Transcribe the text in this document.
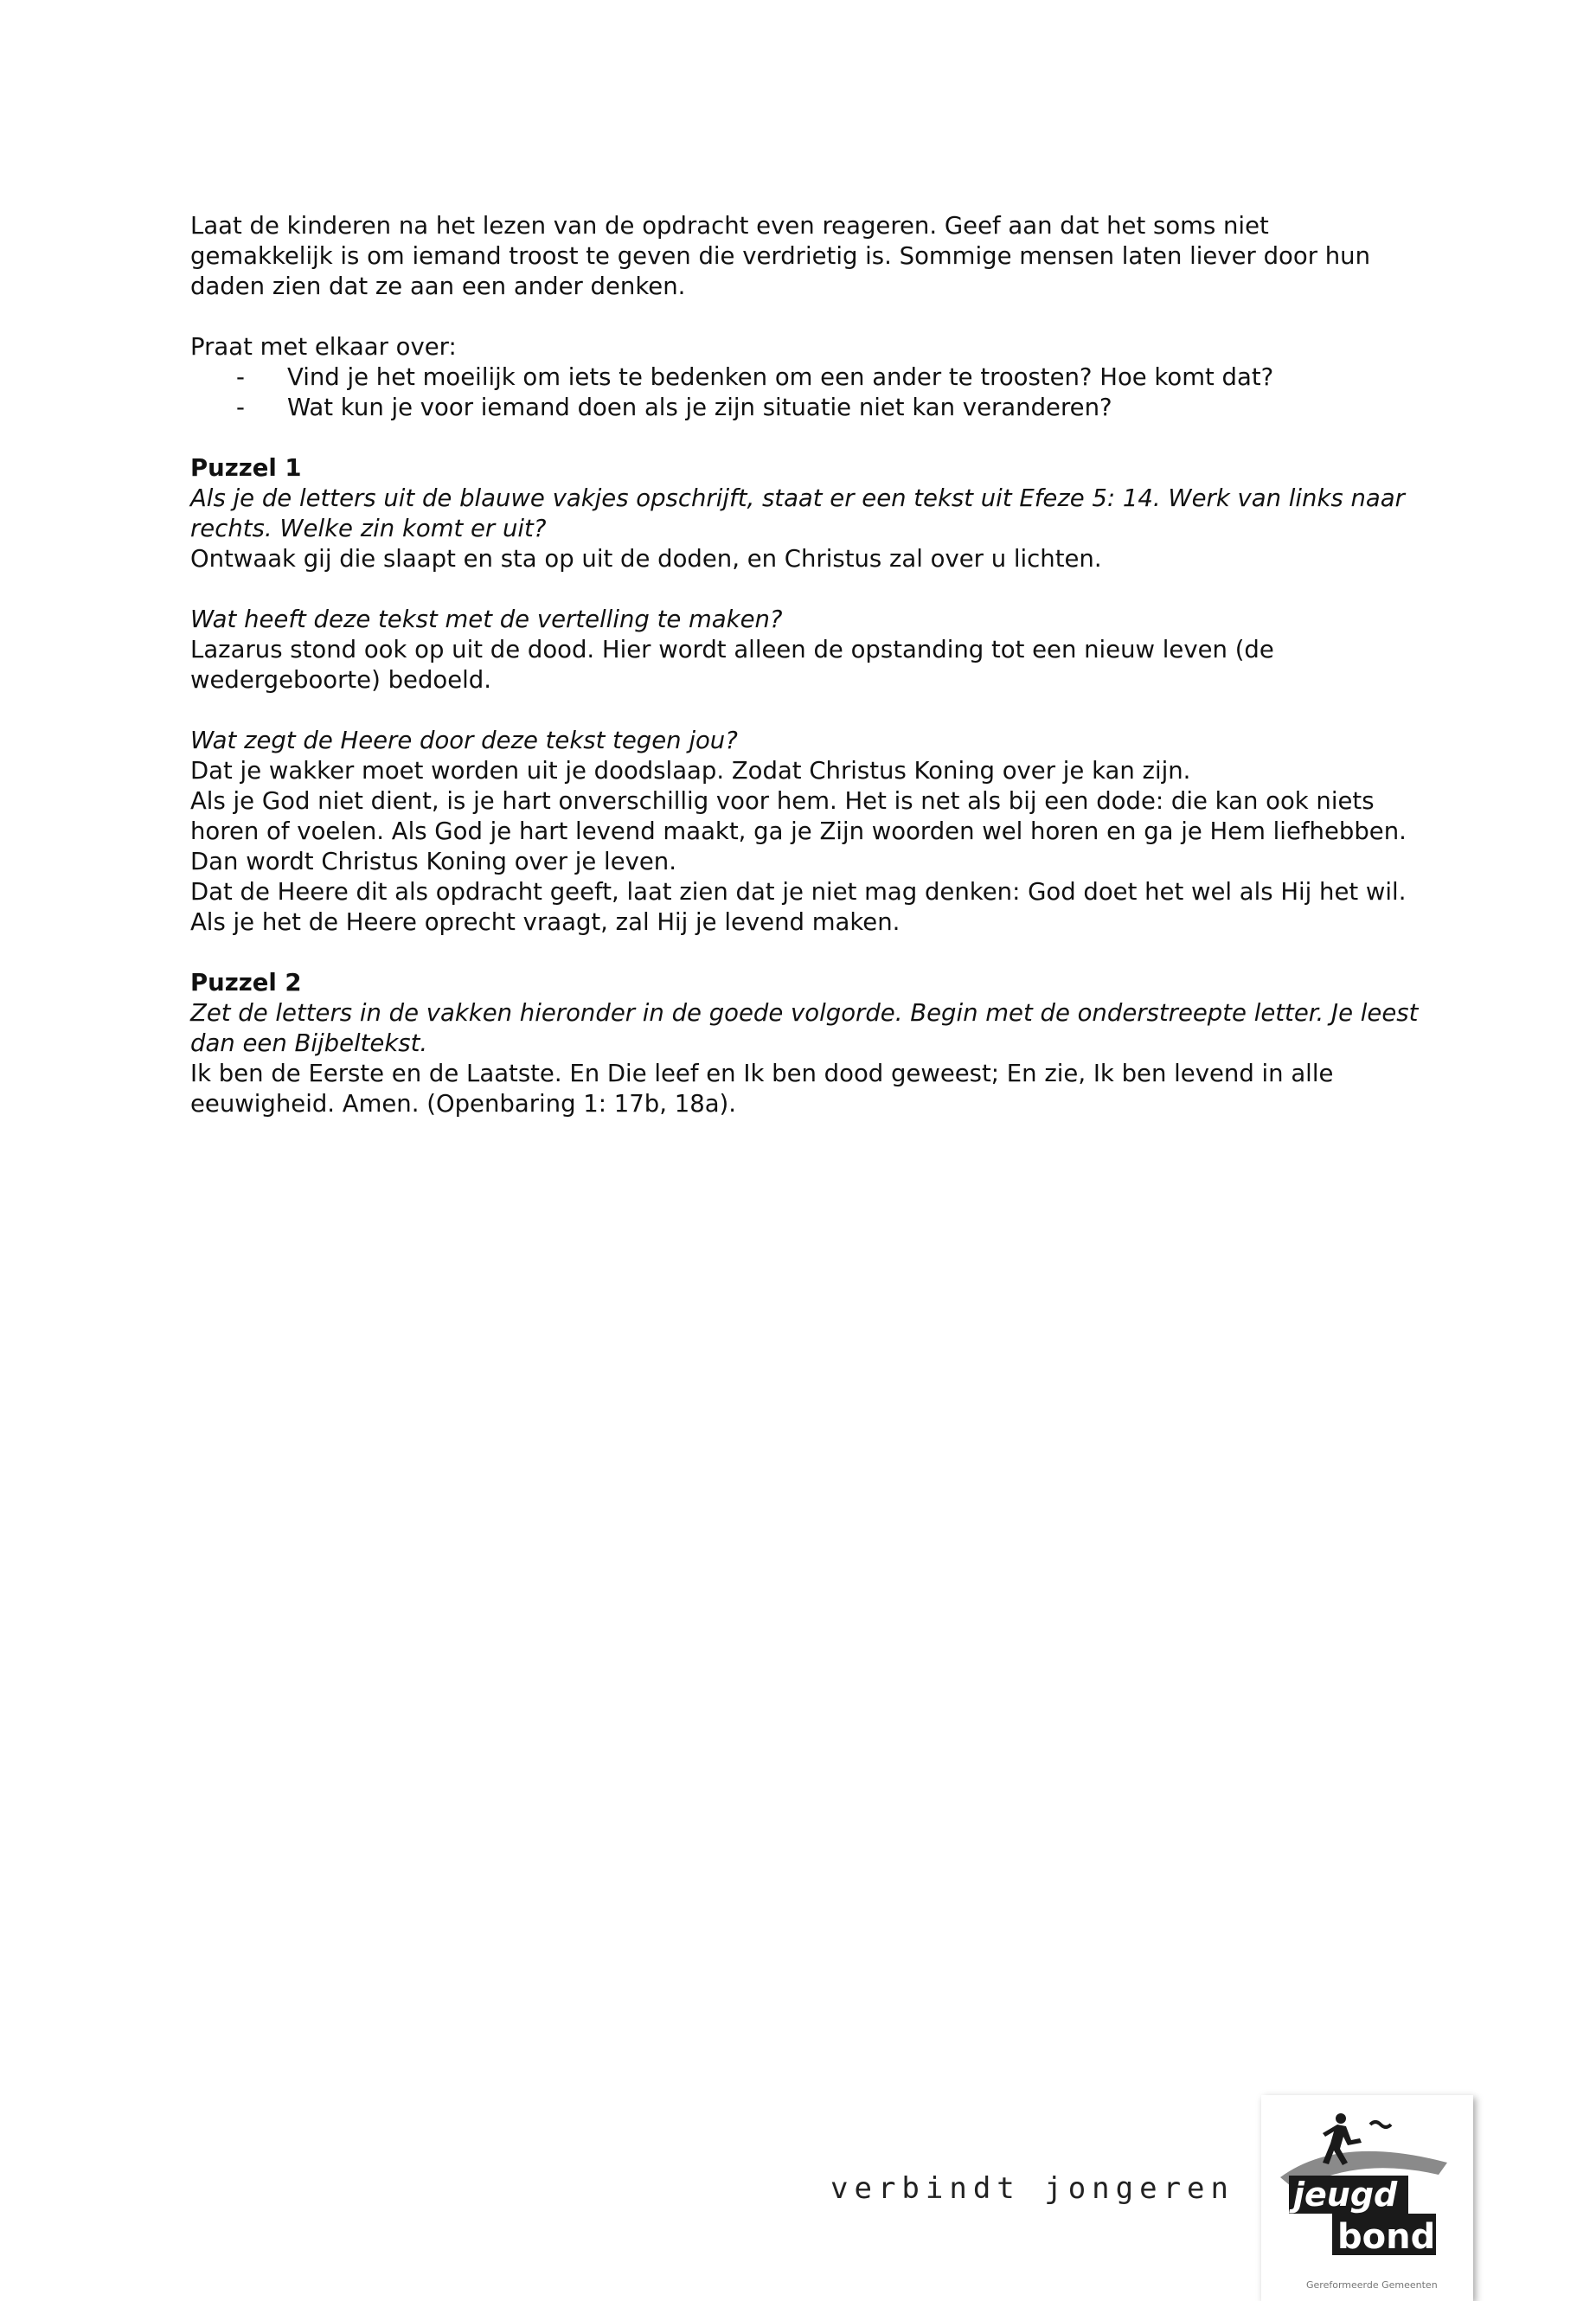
Laat de kinderen na het lezen van de opdracht even reageren. Geef aan dat het soms niet gemakkelijk is om iemand troost te geven die verdrietig is. Sommige mensen laten liever door hun daden zien dat ze aan een ander denken.

Praat met elkaar over:

- Vind je het moeilijk om iets te bedenken om een ander te troosten? Hoe komt dat?
- Wat kun je voor iemand doen als je zijn situatie niet kan veranderen?

Puzzel 1

Als je de letters uit de blauwe vakjes opschrijft, staat er een tekst uit Efeze 5: 14. Werk van links naar rechts. Welke zin komt er uit?

Ontwaak gij die slaapt en sta op uit de doden, en Christus zal over u lichten.

Wat heeft deze tekst met de vertelling te maken?

Lazarus stond ook op uit de dood. Hier wordt alleen de opstanding tot een nieuw leven (de wedergeboorte) bedoeld.

Wat zegt de Heere door deze tekst tegen jou?

Dat je wakker moet worden uit je doodslaap. Zodat Christus Koning over je kan zijn.

Als je God niet dient, is je hart onverschillig voor hem. Het is net als bij een dode: die kan ook niets horen of voelen. Als God je hart levend maakt, ga je Zijn woorden wel horen en ga je Hem liefhebben. Dan wordt Christus Koning over je leven.

Dat de Heere dit als opdracht geeft, laat zien dat je niet mag denken: God doet het wel als Hij het wil. Als je het de Heere oprecht vraagt, zal Hij je levend maken.

Puzzel 2

Zet de letters in de vakken hieronder in de goede volgorde. Begin met de onderstreepte letter. Je leest dan een Bijbeltekst.

Ik ben de Eerste en de Laatste. En Die leef en Ik ben dood geweest; En zie, Ik ben levend in alle eeuwigheid. Amen. (Openbaring 1: 17b, 18a).

verbindt jongeren jeugd
bond
Gereformeerde Gemeenten
